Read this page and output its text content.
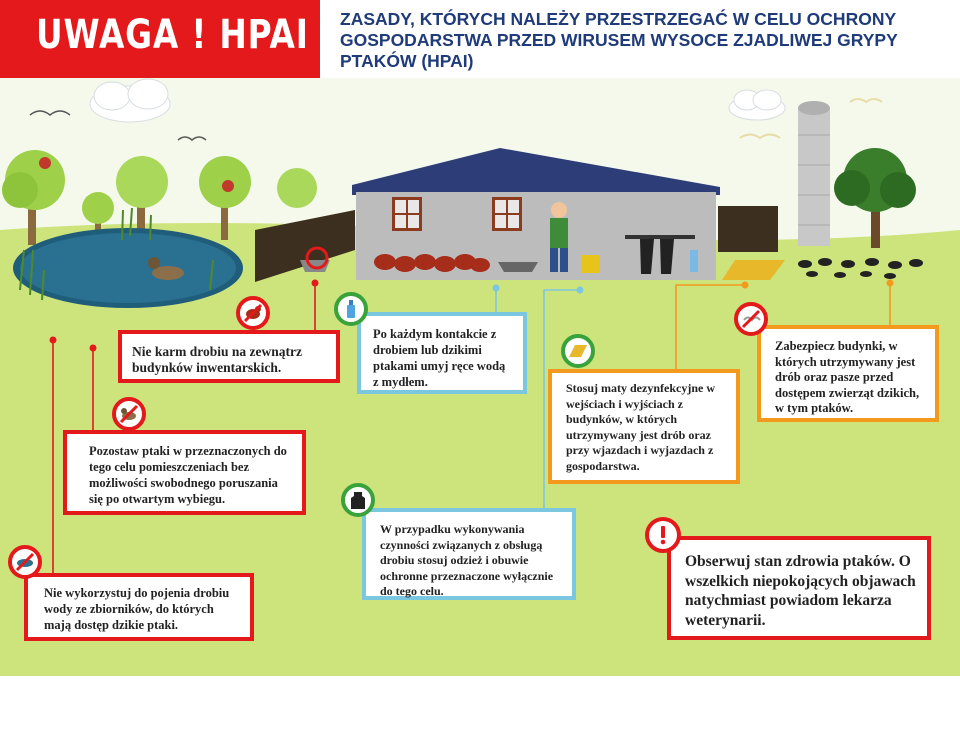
UWAGA ! HPAI ZASADY, KTÓRYCH NALEŻY PRZESTRZEGAĆ W CELU OCHRONY GOSPODARSTWA PRZED WIRUSEM WYSOCE ZJADLIWEJ GRYPY PTAKÓW (HPAI)

Nie karm drobiu na zewnątrz budynków inwentarskich.

Pozostaw ptaki w przeznaczonych do tego celu pomieszczeniach bez możliwości swobodnego poruszania się po otwartym wybiegu.

Nie wykorzystuj do pojenia drobiu wody ze zbiorników, do których mają dostęp dzikie ptaki.

Po każdym kontakcie z drobiem lub dzikimi ptakami umyj ręce wodą z mydłem.

W przypadku wykonywania czynności związanych z obsługą drobiu stosuj odzież i obuwie ochronne przeznaczone wyłącznie do tego celu.

Stosuj maty dezynfekcyjne w wejściach i wyjściach z budynków, w których utrzymywany jest drób oraz przy wjazdach i wyjazdach z gospodarstwa.

Zabezpiecz budynki, w których utrzymywany jest drób oraz pasze przed dostępem zwierząt dzikich, w tym ptaków.

Obserwuj stan zdrowia ptaków. O wszelkich niepokojących objawach natychmiast powiadom lekarza weterynarii.
